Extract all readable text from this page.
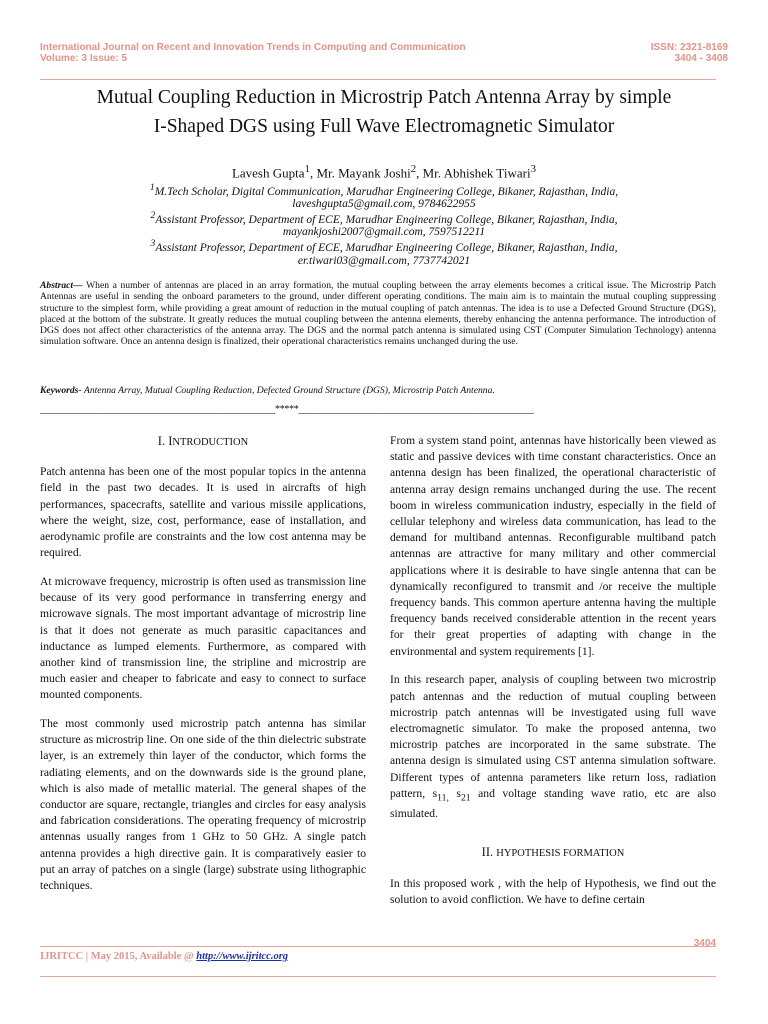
International Journal on Recent and Innovation Trends in Computing and Communication
Volume: 3 Issue: 5
ISSN: 2321-8169
3404 - 3408
Mutual Coupling Reduction in Microstrip Patch Antenna Array by simple
I-Shaped DGS using Full Wave Electromagnetic Simulator
Lavesh Gupta$^1$, Mr. Mayank Joshi$^2$, Mr. Abhishek Tiwari$^3$
$^1$M.Tech Scholar, Digital Communication, Marudhar Engineering College, Bikaner, Rajasthan, India,
laveshgupta5@gmail.com, 9784622955
$^2$Assistant Professor, Department of ECE, Marudhar Engineering College, Bikaner, Rajasthan, India,
mayankjoshi2007@gmail.com, 7597512211
$^3$Assistant Professor, Department of ECE, Marudhar Engineering College, Bikaner, Rajasthan, India,
er.tiwari03@gmail.com, 7737742021
Abstract— When a number of antennas are placed in an array formation, the mutual coupling between the array elements becomes a critical issue. The Microstrip Patch Antennas are useful in sending the onboard parameters to the ground, under different operating conditions. The main aim is to maintain the mutual coupling suppressing structure to the simplest form, while providing a great amount of reduction in the mutual coupling of patch antennas. The idea is to use a Defected Ground Structure (DGS), placed at the bottom of the substrate. It greatly reduces the mutual coupling between the antenna elements, thereby enhancing the antenna performance. The introduction of DGS does not affect other characteristics of the antenna array. The DGS and the normal patch antenna is simulated using CST (Computer Simulation Technology) antenna simulation software. Once an antenna design is finalized, their operational characteristics remains unchanged during the use.
Keywords- Antenna Array, Mutual Coupling Reduction, Defected Ground Structure (DGS), Microstrip Patch Antenna.
__________________________________________________*****__________________________________________________
I. INTRODUCTION

Patch antenna has been one of the most popular topics in the antenna field in the past two decades. It is used in aircrafts of high performances, spacecrafts, satellite and various missile applications, where the weight, size, cost, performance, ease of installation, and aerodynamic profile are constraints and the low cost antenna may be required.

At microwave frequency, microstrip is often used as transmission line because of its very good performance in transferring energy and microwave signals. The most important advantage of microstrip line is that it does not generate as much parasitic capacitances and inductance as lumped elements. Furthermore, as compared with another kind of transmission line, the stripline and microstrip are much easier and cheaper to fabricate and easy to connect to surface mounted components.

The most commonly used microstrip patch antenna has similar structure as microstrip line. On one side of the thin dielectric substrate layer, is an extremely thin layer of the conductor, which forms the radiating elements, and on the downwards side is the ground plane, which is also made of metallic material. The general shapes of the conductor are square, rectangle, triangles and circles for easy analysis and fabrication considerations. The operating frequency of microstrip antennas usually ranges from 1 GHz to 50 GHz. A single patch antenna provides a high directive gain. It is comparatively easier to put an array of patches on a single (large) substrate using lithographic techniques.

From a system stand point, antennas have historically been viewed as static and passive devices with time constant characteristics. Once an antenna design has been finalized, the operational characteristic of antenna array design remains unchanged during the use. The recent boom in wireless communication industry, especially in the field of cellular telephony and wireless data communication, has lead to the demand for multiband antennas. Reconfigurable multiband patch antennas are attractive for many military and other commercial applications where it is desirable to have single antenna that can be dynamically reconfigured to transmit and /or receive the multiple frequency bands. This common aperture antenna having the multiple frequency bands received considerable attention in the recent years for their great properties of adapting with change in the environmental and system requirements [1].

In this research paper, analysis of coupling between two microstrip patch antennas and the reduction of mutual coupling between microstrip patch antennas will be investigated using full wave electromagnetic simulator. To make the proposed antenna, two microstrip patches are incorporated in the same substrate. The antenna design is simulated using CST antenna simulation software. Different types of antenna parameters like return loss, radiation pattern, $s_{11,}$ $s_{21}$ and voltage standing wave ratio, etc are also simulated.

II. HYPOTHESIS FORMATION

In this proposed work , with the help of Hypothesis, we find out the solution to avoid confliction. We have to define certain

3404
IJRITCC | May 2015, Available @ http://www.ijritcc.org
